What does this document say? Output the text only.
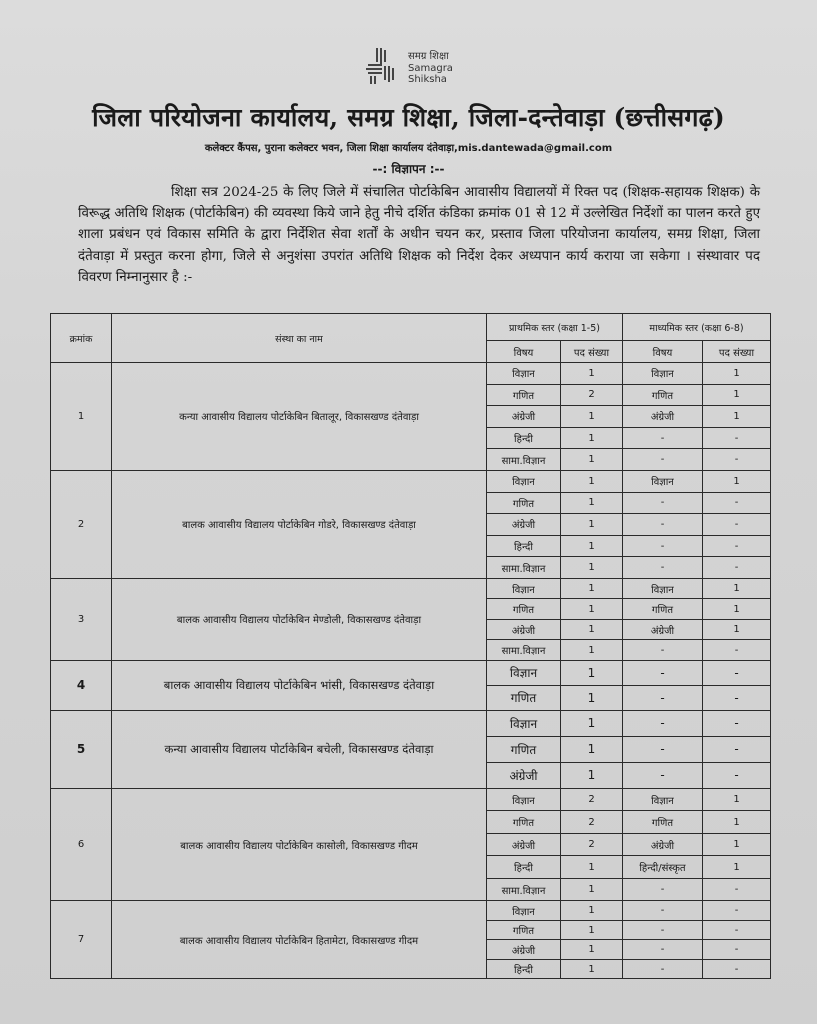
समग्र शिक्षा
Samagra Shiksha
जिला परियोजना कार्यालय, समग्र शिक्षा, जिला-दन्तेवाड़ा (छत्तीसगढ़)
कलेक्टर कैंपस, पुराना कलेक्टर भवन, जिला शिक्षा कार्यालय दंतेवाड़ा,mis.dantewada@gmail.com
--: विज्ञापन :--
शिक्षा सत्र 2024-25 के लिए जिले में संचालित पोर्टाकेबिन आवासीय विद्यालयों में रिक्त पद (शिक्षक-सहायक शिक्षक) के विरूद्ध अतिथि शिक्षक (पोर्टाकेबिन) की व्यवस्था किये जाने हेतु नीचे दर्शित कंडिका क्रमांक 01 से 12 में उल्लेखित निर्देशों का पालन करते हुए शाला प्रबंधन एवं विकास समिति के द्वारा निर्देशित सेवा शर्तों के अधीन चयन कर, प्रस्ताव जिला परियोजना कार्यालय, समग्र शिक्षा, जिला दंतेवाड़ा में प्रस्तुत करना होगा, जिले से अनुशंसा उपरांत अतिथि शिक्षक को निर्देश देकर अध्यपान कार्य कराया जा सकेगा । संस्थावार पद विवरण निम्नानुसार है :-
क्रमांक	संस्था का नाम	प्राथमिक स्तर (कक्षा 1-5)		माध्यमिक स्तर (कक्षा 6-8)	
		विषय	पद संख्या	विषय	पद संख्या
1	कन्या आवासीय विद्यालय पोर्टाकेबिन बितालूर, विकासखण्ड दंतेवाड़ा	विज्ञान	1	विज्ञान	1
		गणित	2	गणित	1
		अंग्रेजी	1	अंग्रेजी	1
		हिन्दी	1	-	-
		सामा.विज्ञान	1	-	-
2	बालक आवासीय विद्यालय पोर्टाकेबिन गोडरे, विकासखण्ड दंतेवाड़ा	विज्ञान	1	विज्ञान	1
		गणित	1	-	-
		अंग्रेजी	1	-	-
		हिन्दी	1	-	-
		सामा.विज्ञान	1	-	-
3	बालक आवासीय विद्यालय पोर्टाकेबिन मेण्डोली, विकासखण्ड दंतेवाड़ा	विज्ञान	1	विज्ञान	1
		गणित	1	गणित	1
		अंग्रेजी	1	अंग्रेजी	1
		सामा.विज्ञान	1	-	-
4	बालक आवासीय विद्यालय पोर्टाकेबिन भांसी, विकासखण्ड दंतेवाड़ा	विज्ञान	1	-	-
		गणित	1	-	-
5	कन्या आवासीय विद्यालय पोर्टाकेबिन बचेली, विकासखण्ड दंतेवाड़ा	विज्ञान	1	-	-
		गणित	1	-	-
		अंग्रेजी	1	-	-
6	बालक आवासीय विद्यालय पोर्टाकेबिन कासोली, विकासखण्ड गीदम	विज्ञान	2	विज्ञान	1
		गणित	2	गणित	1
		अंग्रेजी	2	अंग्रेजी	1
		हिन्दी	1	हिन्दी/संस्कृत	1
		सामा.विज्ञान	1	-	-
7	बालक आवासीय विद्यालय पोर्टाकेबिन हितामेटा, विकासखण्ड गीदम	विज्ञान	1	-	-
		गणित	1	-	-
		अंग्रेजी	1	-	-
		हिन्दी	1	-	-
